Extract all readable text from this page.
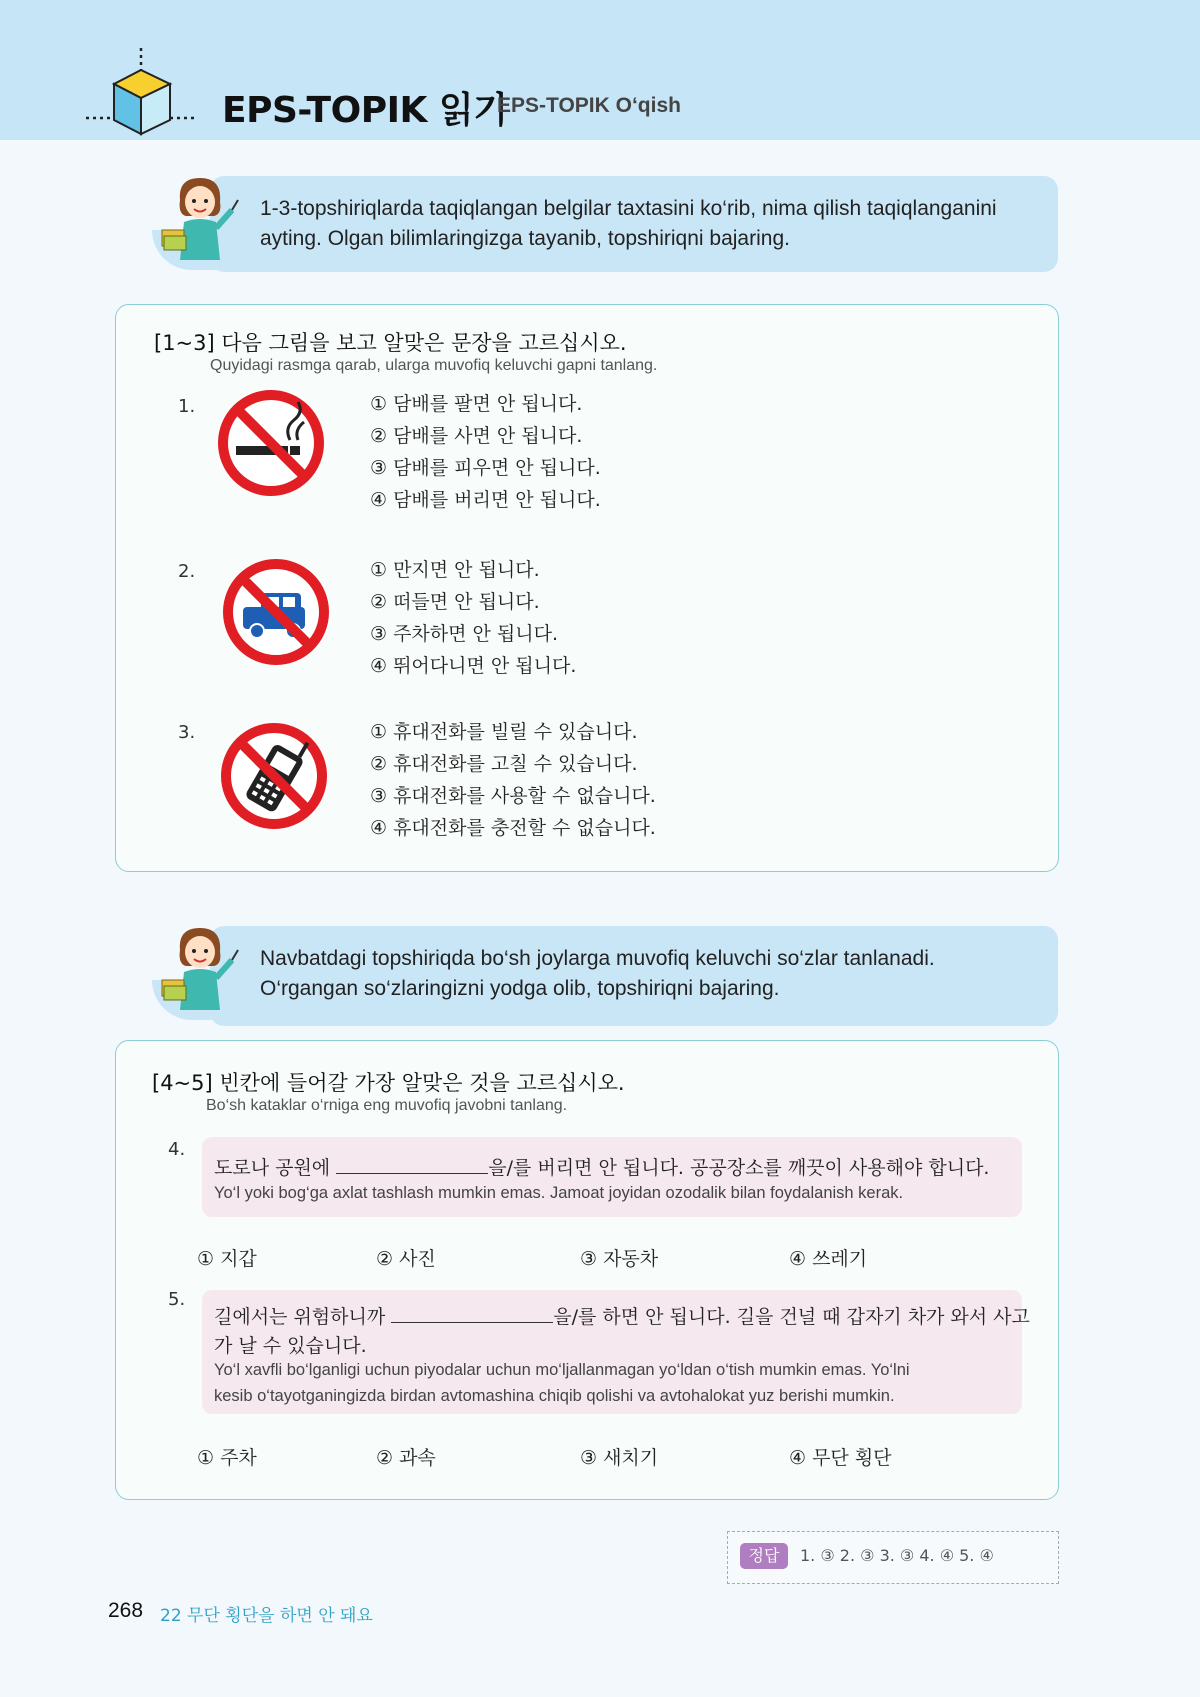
EPS-TOPIK 읽기
EPS-TOPIK O‘qish
1-3-topshiriqlarda taqiqlangan belgilar taxtasini ko‘rib, nima qilish taqiqlanganini
ayting. Olgan bilimlaringizga tayanib, topshiriqni bajaring.
[1~3] 다음 그림을 보고 알맞은 문장을 고르십시오.
Quyidagi rasmga qarab, ularga muvofiq keluvchi gapni tanlang.
1.	① 담배를 팔면 안 됩니다.
② 담배를 사면 안 됩니다.
③ 담배를 피우면 안 됩니다.
④ 담배를 버리면 안 됩니다.
2.	① 만지면 안 됩니다.
② 떠들면 안 됩니다.
③ 주차하면 안 됩니다.
④ 뛰어다니면 안 됩니다.
3.	① 휴대전화를 빌릴 수 있습니다.
② 휴대전화를 고칠 수 있습니다.
③ 휴대전화를 사용할 수 없습니다.
④ 휴대전화를 충전할 수 없습니다.
Navbatdagi topshiriqda bo‘sh joylarga muvofiq keluvchi so‘zlar tanlanadi.
O‘rgangan so‘zlaringizni yodga olib, topshiriqni bajaring.
[4~5] 빈칸에 들어갈 가장 알맞은 것을 고르십시오.
Bo‘sh kataklar o‘rniga eng muvofiq javobni tanlang.
4.
도로나 공원에	을/를 버리면 안 됩니다. 공공장소를 깨끗이 사용해야 합니다.
Yo‘l yoki bog‘ga axlat tashlash mumkin emas. Jamoat joyidan ozodalik bilan foydalanish kerak.
① 지갑	② 사진	③ 자동차	④ 쓰레기
5.
길에서는 위험하니까	을/를 하면 안 됩니다. 길을 건널 때 갑자기 차가 와서 사고
가 날 수 있습니다.
Yo‘l xavfli bo‘lganligi uchun piyodalar uchun mo‘ljallanmagan yo‘ldan o‘tish mumkin emas. Yo‘lni
kesib o‘tayotganingizda birdan avtomashina chiqib qolishi va avtohalokat yuz berishi mumkin.
① 주차	② 과속	③ 새치기	④ 무단 횡단
정답	1. ③ 2. ③ 3. ③ 4. ④ 5. ④
268 22 무단 횡단을 하면 안 돼요
